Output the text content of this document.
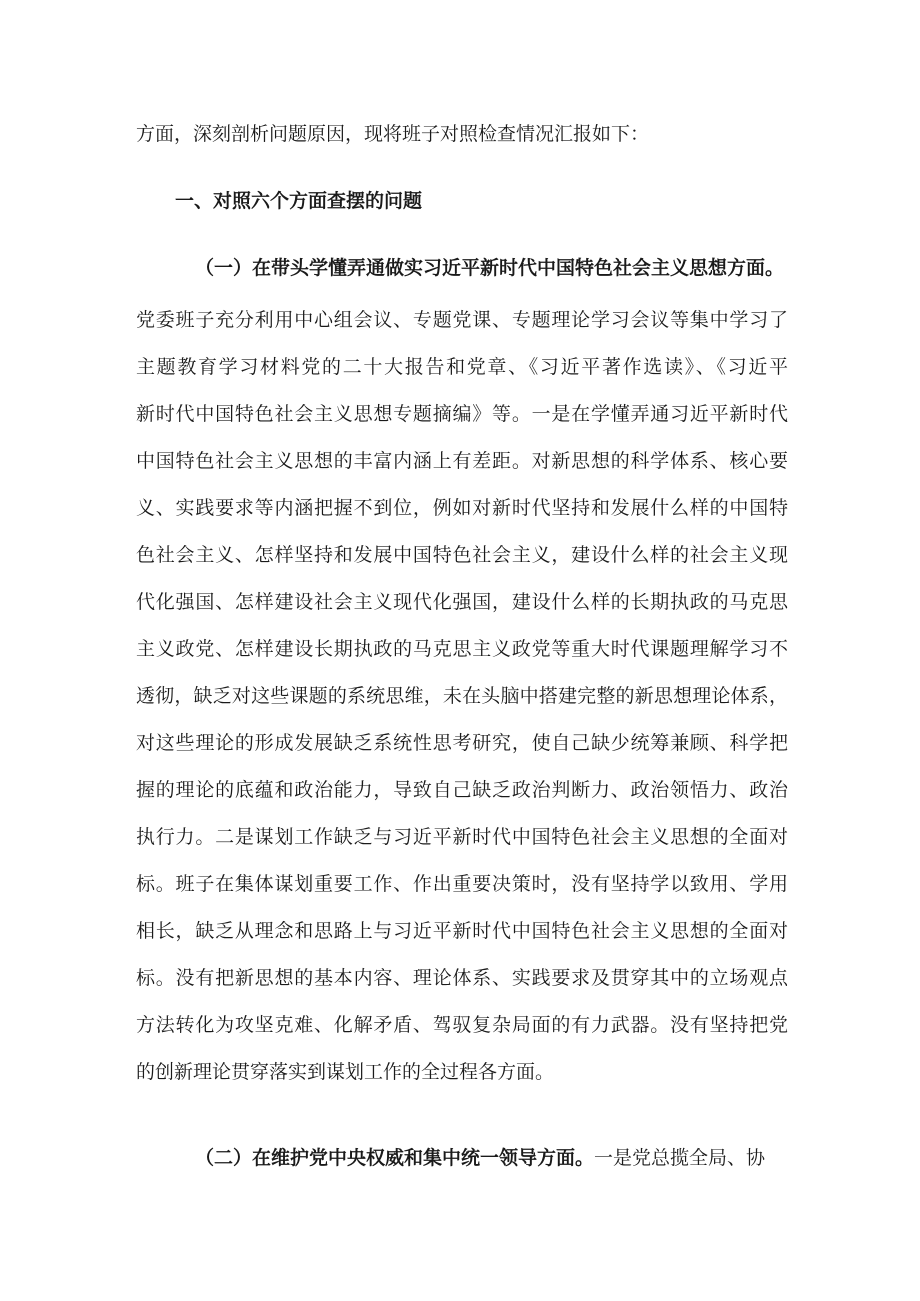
方面，深刻剖析问题原因，现将班子对照检查情况汇报如下：
一、对照六个方面查摆的问题
（一）在带头学懂弄通做实习近平新时代中国特色社会主义思想方面。
党委班子充分利用中心组会议、专题党课、专题理论学习会议等集中学习了
主题教育学习材料党的二十大报告和党章、《习近平著作选读》、《习近平
新时代中国特色社会主义思想专题摘编》等。一是在学懂弄通习近平新时代
中国特色社会主义思想的丰富内涵上有差距。对新思想的科学体系、核心要
义、实践要求等内涵把握不到位，例如对新时代坚持和发展什么样的中国特
色社会主义、怎样坚持和发展中国特色社会主义，建设什么样的社会主义现
代化强国、怎样建设社会主义现代化强国，建设什么样的长期执政的马克思
主义政党、怎样建设长期执政的马克思主义政党等重大时代课题理解学习不
透彻，缺乏对这些课题的系统思维，未在头脑中搭建完整的新思想理论体系，
对这些理论的形成发展缺乏系统性思考研究，使自己缺少统筹兼顾、科学把
握的理论的底蕴和政治能力，导致自己缺乏政治判断力、政治领悟力、政治
执行力。二是谋划工作缺乏与习近平新时代中国特色社会主义思想的全面对
标。班子在集体谋划重要工作、作出重要决策时，没有坚持学以致用、学用
相长，缺乏从理念和思路上与习近平新时代中国特色社会主义思想的全面对
标。没有把新思想的基本内容、理论体系、实践要求及贯穿其中的立场观点
方法转化为攻坚克难、化解矛盾、驾驭复杂局面的有力武器。没有坚持把党
的创新理论贯穿落实到谋划工作的全过程各方面。
（二）在维护党中央权威和集中统一领导方面。一是党总揽全局、协
